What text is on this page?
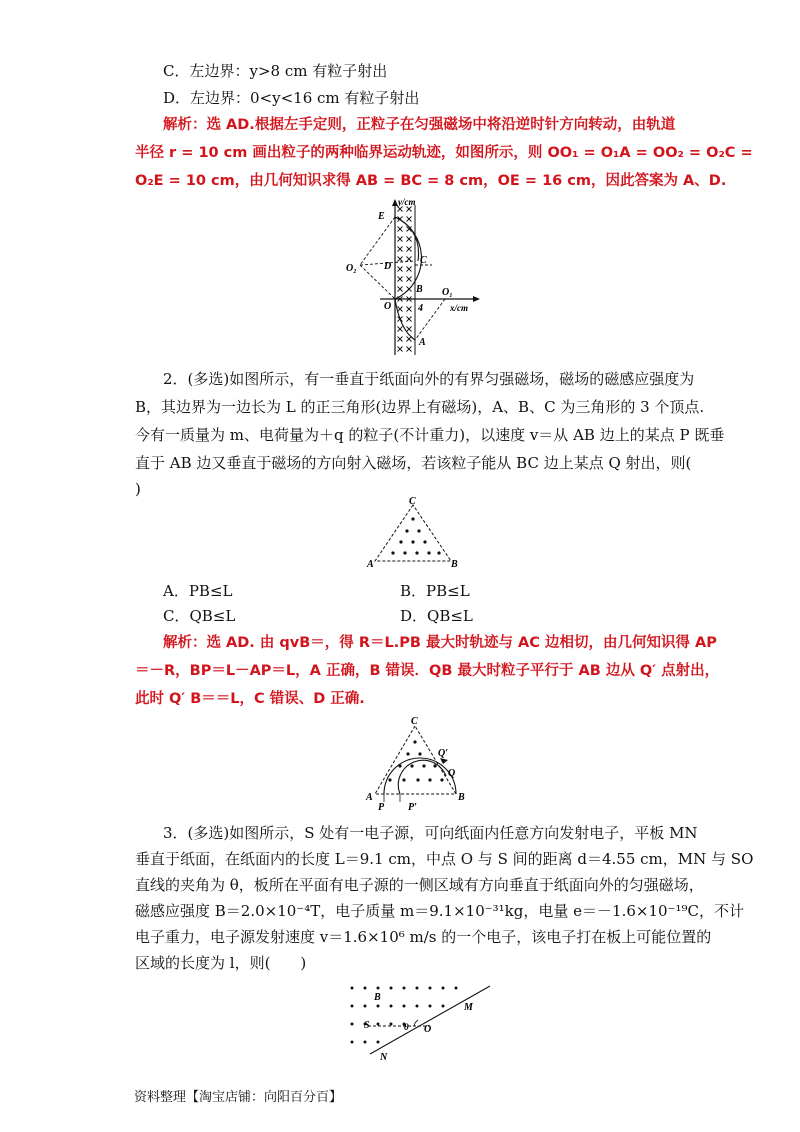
C．左边界：y>8 cm 有粒子射出
D．左边界：0<y<16 cm 有粒子射出
解析：选 AD.根据左手定则，正粒子在匀强磁场中将沿逆时针方向转动，由轨道
半径 r = 10 cm 画出粒子的两种临界运动轨迹，如图所示，则 OO₁ = O₁A = OO₂ = O₂C =
O₂E = 10 cm，由几何知识求得 AB = BC = 8 cm，OE = 16 cm，因此答案为 A、D.
E
O₂	D
C
B
O	4
O₁
A
y/cm
x/cm
2．(多选)如图所示，有一垂直于纸面向外的有界匀强磁场，磁场的磁感应强度为
B，其边界为一边长为 L 的正三角形(边界上有磁场)，A、B、C 为三角形的 3 个顶点.
今有一质量为 m、电荷量为＋q 的粒子(不计重力)，以速度 v＝从 AB 边上的某点 P 既垂
直于 AB 边又垂直于磁场的方向射入磁场，若该粒子能从 BC 边上某点 Q 射出，则(
)
C
A	B
A．PB≤L	B．PB≤L
C．QB≤L	D．QB≤L
解析：选 AD. 由 qvB＝，得 R＝L.PB 最大时轨迹与 AC 边相切，由几何知识得 AP
＝－R，BP＝L－AP＝L，A 正确，B 错误．QB 最大时粒子平行于 AB 边从 Q′ 点射出，
此时 Q′ B＝＝L，C 错误、D 正确.
C
Q′
Q
A
P P′
B
3．(多选)如图所示，S 处有一电子源，可向纸面内任意方向发射电子，平板 MN
垂直于纸面，在纸面内的长度 L＝9.1 cm，中点 O 与 S 间的距离 d＝4.55 cm，MN 与 SO
直线的夹角为 θ，板所在平面有电子源的一侧区域有方向垂直于纸面向外的匀强磁场，
磁感应强度 B＝2.0×10⁻⁴T，电子质量 m＝9.1×10⁻³¹kg，电量 e＝－1.6×10⁻¹⁹C，不计
电子重力，电子源发射速度 v＝1.6×10⁶ m/s 的一个电子，该电子打在板上可能位置的
区域的长度为 l，则(　　)
B
M
S	θ O
N
资料整理【淘宝店铺：向阳百分百】
